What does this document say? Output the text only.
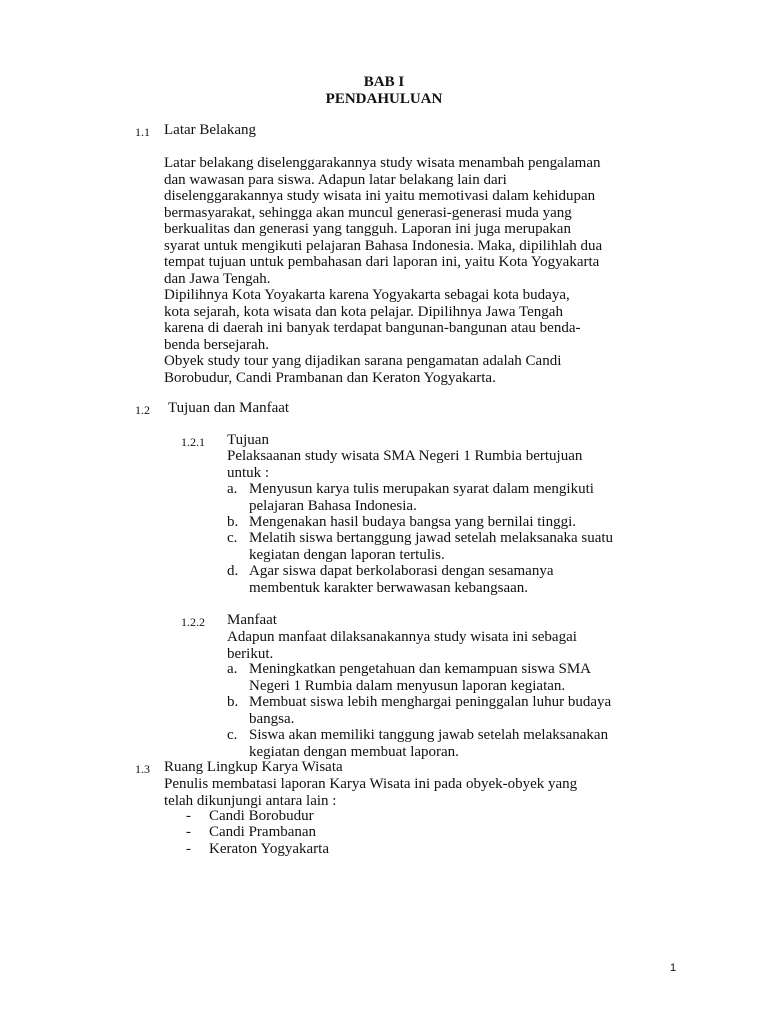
BAB I
PENDAHULUAN
1.1 Latar Belakang
Latar belakang diselenggarakannya study wisata menambah pengalaman
dan wawasan para siswa. Adapun latar belakang lain dari
diselenggarakannya study wisata ini yaitu memotivasi dalam kehidupan
bermasyarakat, sehingga akan muncul generasi-generasi muda yang
berkualitas dan generasi yang tangguh. Laporan ini juga merupakan
syarat untuk mengikuti pelajaran Bahasa Indonesia. Maka, dipilihlah dua
tempat tujuan untuk pembahasan dari laporan ini, yaitu Kota Yogyakarta
dan Jawa Tengah.
Dipilihnya Kota Yoyakarta karena Yogyakarta sebagai kota budaya,
kota sejarah, kota wisata dan kota pelajar. Dipilihnya Jawa Tengah
karena di daerah ini banyak terdapat bangunan-bangunan atau benda-
benda bersejarah.
Obyek study tour yang dijadikan sarana pengamatan adalah Candi
Borobudur, Candi Prambanan dan Keraton Yogyakarta.
1.2 Tujuan dan Manfaat
1.2.1 Tujuan
Pelaksaanan study wisata SMA Negeri 1 Rumbia bertujuan
untuk :
a. Menyusun karya tulis merupakan syarat dalam mengikuti
pelajaran Bahasa Indonesia.
b. Mengenakan hasil budaya bangsa yang bernilai tinggi.
c. Melatih siswa bertanggung jawad setelah melaksanaka suatu
kegiatan dengan laporan tertulis.
d. Agar siswa dapat berkolaborasi dengan sesamanya
membentuk karakter berwawasan kebangsaan.
1.2.2 Manfaat
Adapun manfaat dilaksanakannya study wisata ini sebagai
berikut.
a. Meningkatkan pengetahuan dan kemampuan siswa SMA
Negeri 1 Rumbia dalam menyusun laporan kegiatan.
b. Membuat siswa lebih menghargai peninggalan luhur budaya
bangsa.
c. Siswa akan memiliki tanggung jawab setelah melaksanakan
kegiatan dengan membuat laporan.
1.3 Ruang Lingkup Karya Wisata
Penulis membatasi laporan Karya Wisata ini pada obyek-obyek yang
telah dikunjungi antara lain :
- Candi Borobudur
- Candi Prambanan
- Keraton Yogyakarta
1
